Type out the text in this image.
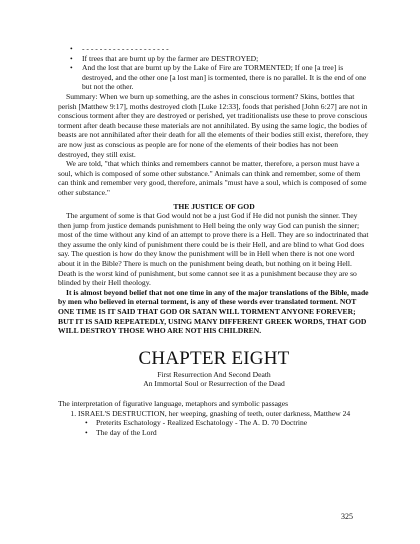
• - - - - - - - - - - - - - - - - - - - -
• If trees that are burnt up by the farmer are DESTROYED;
• And the lost that are burnt up by the Lake of Fire are TORMENTED; If one [a tree] is destroyed, and the other one [a lost man] is tormented, there is no parallel. It is the end of one but not the other.

Summary: When we burn up something, are the ashes in conscious torment? Skins, bottles that perish [Matthew 9:17], moths destroyed cloth [Luke 12:33], foods that perished [John 6:27] are not in conscious torment after they are destroyed or perished, yet traditionalists use these to prove conscious torment after death because these materials are not annihilated. By using the same logic, the bodies of beasts are not annihilated after their death for all the elements of their bodies still exist, therefore, they are now just as conscious as people are for none of the elements of their bodies has not been destroyed, they still exist.

We are told, "that which thinks and remembers cannot be matter, therefore, a person must have a soul, which is composed of some other substance." Animals can think and remember, some of them can think and remember very good, therefore, animals "must have a soul, which is composed of some other substance."

THE JUSTICE OF GOD

The argument of some is that God would not be a just God if He did not punish the sinner. They then jump from justice demands punishment to Hell being the only way God can punish the sinner; most of the time without any kind of an attempt to prove there is a Hell. They are so indoctrinated that they assume the only kind of punishment there could be is their Hell, and are blind to what God does say. The question is how do they know the punishment will be in Hell when there is not one word about it in the Bible? There is much on the punishment being death, but nothing on it being Hell. Death is the worst kind of punishment, but some cannot see it as a punishment because they are so blinded by their Hell theology.

It is almost beyond belief that not one time in any of the major translations of the Bible, made by men who believed in eternal torment, is any of these words ever translated torment. NOT ONE TIME IS IT SAID THAT GOD OR SATAN WILL TORMENT ANYONE FOREVER; BUT IT IS SAID REPEATEDLY, USING MANY DIFFERENT GREEK WORDS, THAT GOD WILL DESTROY THOSE WHO ARE NOT HIS CHILDREN.

CHAPTER EIGHT
First Resurrection And Second Death
An Immortal Soul or Resurrection of the Dead

The interpretation of figurative language, metaphors and symbolic passages

1. ISRAEL'S DESTRUCTION, her weeping, gnashing of teeth, outer darkness, Matthew 24
• Preterits Eschatology - Realized Eschatology - The A. D. 70 Doctrine
• The day of the Lord
325
